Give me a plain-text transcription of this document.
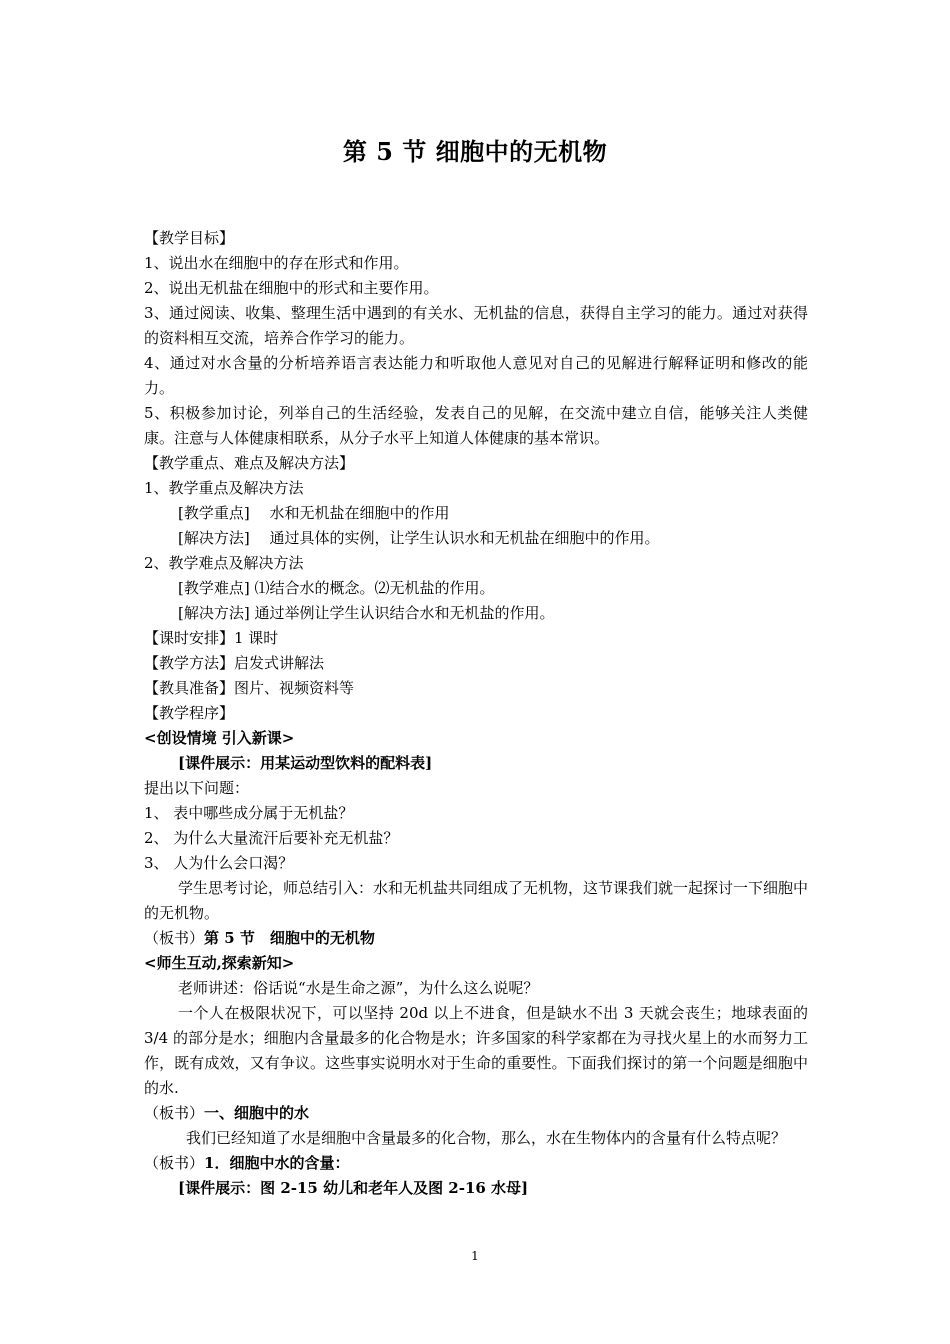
第 5 节 细胞中的无机物

【教学目标】

1、说出水在细胞中的存在形式和作用。

2、说出无机盐在细胞中的形式和主要作用。

3、通过阅读、收集、整理生活中遇到的有关水、无机盐的信息，获得自主学习的能力。通过对获得的资料相互交流，培养合作学习的能力。

4、通过对水含量的分析培养语言表达能力和听取他人意见对自己的见解进行解释证明和修改的能力。

5、积极参加讨论，列举自己的生活经验，发表自己的见解，在交流中建立自信，能够关注人类健康。注意与人体健康相联系，从分子水平上知道人体健康的基本常识。

【教学重点、难点及解决方法】

1、教学重点及解决方法

[教学重点]　 水和无机盐在细胞中的作用

[解决方法]　 通过具体的实例，让学生认识水和无机盐在细胞中的作用。

2、教学难点及解决方法

[教学难点] ⑴结合水的概念。⑵无机盐的作用。

[解决方法] 通过举例让学生认识结合水和无机盐的作用。

【课时安排】1 课时

【教学方法】启发式讲解法

【教具准备】图片、视频资料等

【教学程序】

<创设情境 引入新课>

[课件展示：用某运动型饮料的配料表]

提出以下问题：

1、 表中哪些成分属于无机盐？

2、 为什么大量流汗后要补充无机盐？

3、 人为什么会口渴？

学生思考讨论，师总结引入：水和无机盐共同组成了无机物，这节课我们就一起探讨一下细胞中的无机物。

（板书）第 5 节　细胞中的无机物

<师生互动,探索新知>

老师讲述：俗话说“水是生命之源”，为什么这么说呢？

一个人在极限状况下，可以坚持 20d 以上不进食，但是缺水不出 3 天就会丧生；地球表面的 3/4 的部分是水；细胞内含量最多的化合物是水；许多国家的科学家都在为寻找火星上的水而努力工作，既有成效，又有争议。这些事实说明水对于生命的重要性。下面我们探讨的第一个问题是细胞中的水.

（板书）一、细胞中的水

我们已经知道了水是细胞中含量最多的化合物，那么，水在生物体内的含量有什么特点呢？

（板书）1．细胞中水的含量：

[课件展示：图 2-15 幼儿和老年人及图 2-16 水母]

1
